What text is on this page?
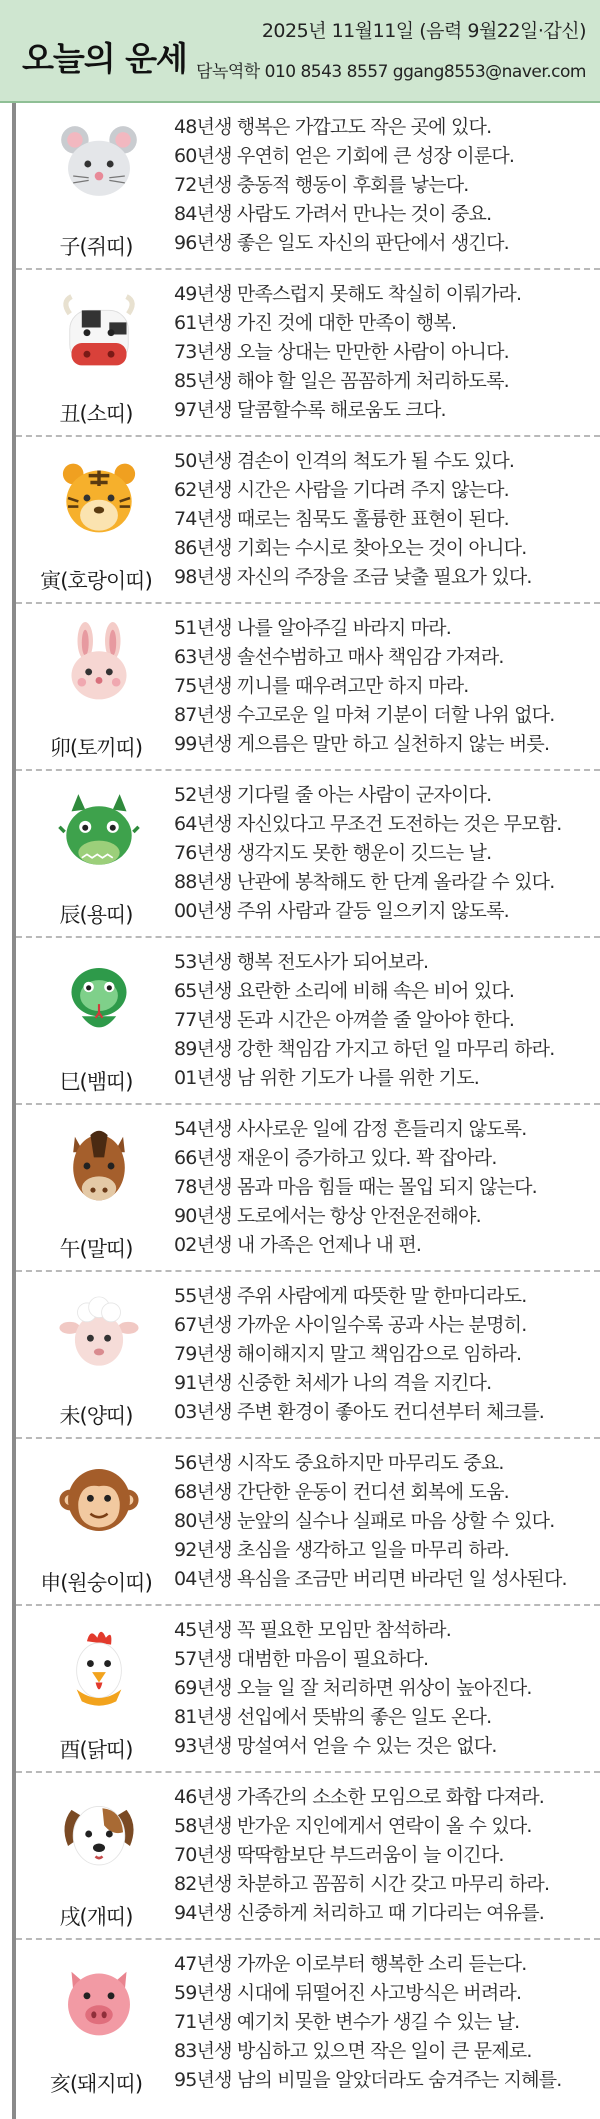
오늘의 운세
2025년 11월11일 (음력 9월22일·갑신)
담녹역학 010 8543 8557 ggang8553@naver.com
子(쥐띠)
48년생 행복은 가깝고도 작은 곳에 있다.
60년생 우연히 얻은 기회에 큰 성장 이룬다.
72년생 충동적 행동이 후회를 낳는다.
84년생 사람도 가려서 만나는 것이 중요.
96년생 좋은 일도 자신의 판단에서 생긴다.
丑(소띠)
49년생 만족스럽지 못해도 착실히 이뤄가라.
61년생 가진 것에 대한 만족이 행복.
73년생 오늘 상대는 만만한 사람이 아니다.
85년생 해야 할 일은 꼼꼼하게 처리하도록.
97년생 달콤할수록 해로움도 크다.
寅(호랑이띠)
50년생 겸손이 인격의 척도가 될 수도 있다.
62년생 시간은 사람을 기다려 주지 않는다.
74년생 때로는 침묵도 훌륭한 표현이 된다.
86년생 기회는 수시로 찾아오는 것이 아니다.
98년생 자신의 주장을 조금 낮출 필요가 있다.
卯(토끼띠)
51년생 나를 알아주길 바라지 마라.
63년생 솔선수범하고 매사 책임감 가져라.
75년생 끼니를 때우려고만 하지 마라.
87년생 수고로운 일 마쳐 기분이 더할 나위 없다.
99년생 게으름은 말만 하고 실천하지 않는 버릇.
辰(용띠)
52년생 기다릴 줄 아는 사람이 군자이다.
64년생 자신있다고 무조건 도전하는 것은 무모함.
76년생 생각지도 못한 행운이 깃드는 날.
88년생 난관에 봉착해도 한 단계 올라갈 수 있다.
00년생 주위 사람과 갈등 일으키지 않도록.
巳(뱀띠)
53년생 행복 전도사가 되어보라.
65년생 요란한 소리에 비해 속은 비어 있다.
77년생 돈과 시간은 아껴쓸 줄 알아야 한다.
89년생 강한 책임감 가지고 하던 일 마무리 하라.
01년생 남 위한 기도가 나를 위한 기도.
午(말띠)
54년생 사사로운 일에 감정 흔들리지 않도록.
66년생 재운이 증가하고 있다. 꽉 잡아라.
78년생 몸과 마음 힘들 때는 몰입 되지 않는다.
90년생 도로에서는 항상 안전운전해야.
02년생 내 가족은 언제나 내 편.
未(양띠)
55년생 주위 사람에게 따뜻한 말 한마디라도.
67년생 가까운 사이일수록 공과 사는 분명히.
79년생 해이해지지 말고 책임감으로 임하라.
91년생 신중한 처세가 나의 격을 지킨다.
03년생 주변 환경이 좋아도 컨디션부터 체크를.
申(원숭이띠)
56년생 시작도 중요하지만 마무리도 중요.
68년생 간단한 운동이 컨디션 회복에 도움.
80년생 눈앞의 실수나 실패로 마음 상할 수 있다.
92년생 초심을 생각하고 일을 마무리 하라.
04년생 욕심을 조금만 버리면 바라던 일 성사된다.
酉(닭띠)
45년생 꼭 필요한 모임만 참석하라.
57년생 대범한 마음이 필요하다.
69년생 오늘 일 잘 처리하면 위상이 높아진다.
81년생 선입에서 뜻밖의 좋은 일도 온다.
93년생 망설여서 얻을 수 있는 것은 없다.
戌(개띠)
46년생 가족간의 소소한 모임으로 화합 다져라.
58년생 반가운 지인에게서 연락이 올 수 있다.
70년생 딱딱함보단 부드러움이 늘 이긴다.
82년생 차분하고 꼼꼼히 시간 갖고 마무리 하라.
94년생 신중하게 처리하고 때 기다리는 여유를.
亥(돼지띠)
47년생 가까운 이로부터 행복한 소리 듣는다.
59년생 시대에 뒤떨어진 사고방식은 버려라.
71년생 예기치 못한 변수가 생길 수 있는 날.
83년생 방심하고 있으면 작은 일이 큰 문제로.
95년생 남의 비밀을 알았더라도 숨겨주는 지혜를.
